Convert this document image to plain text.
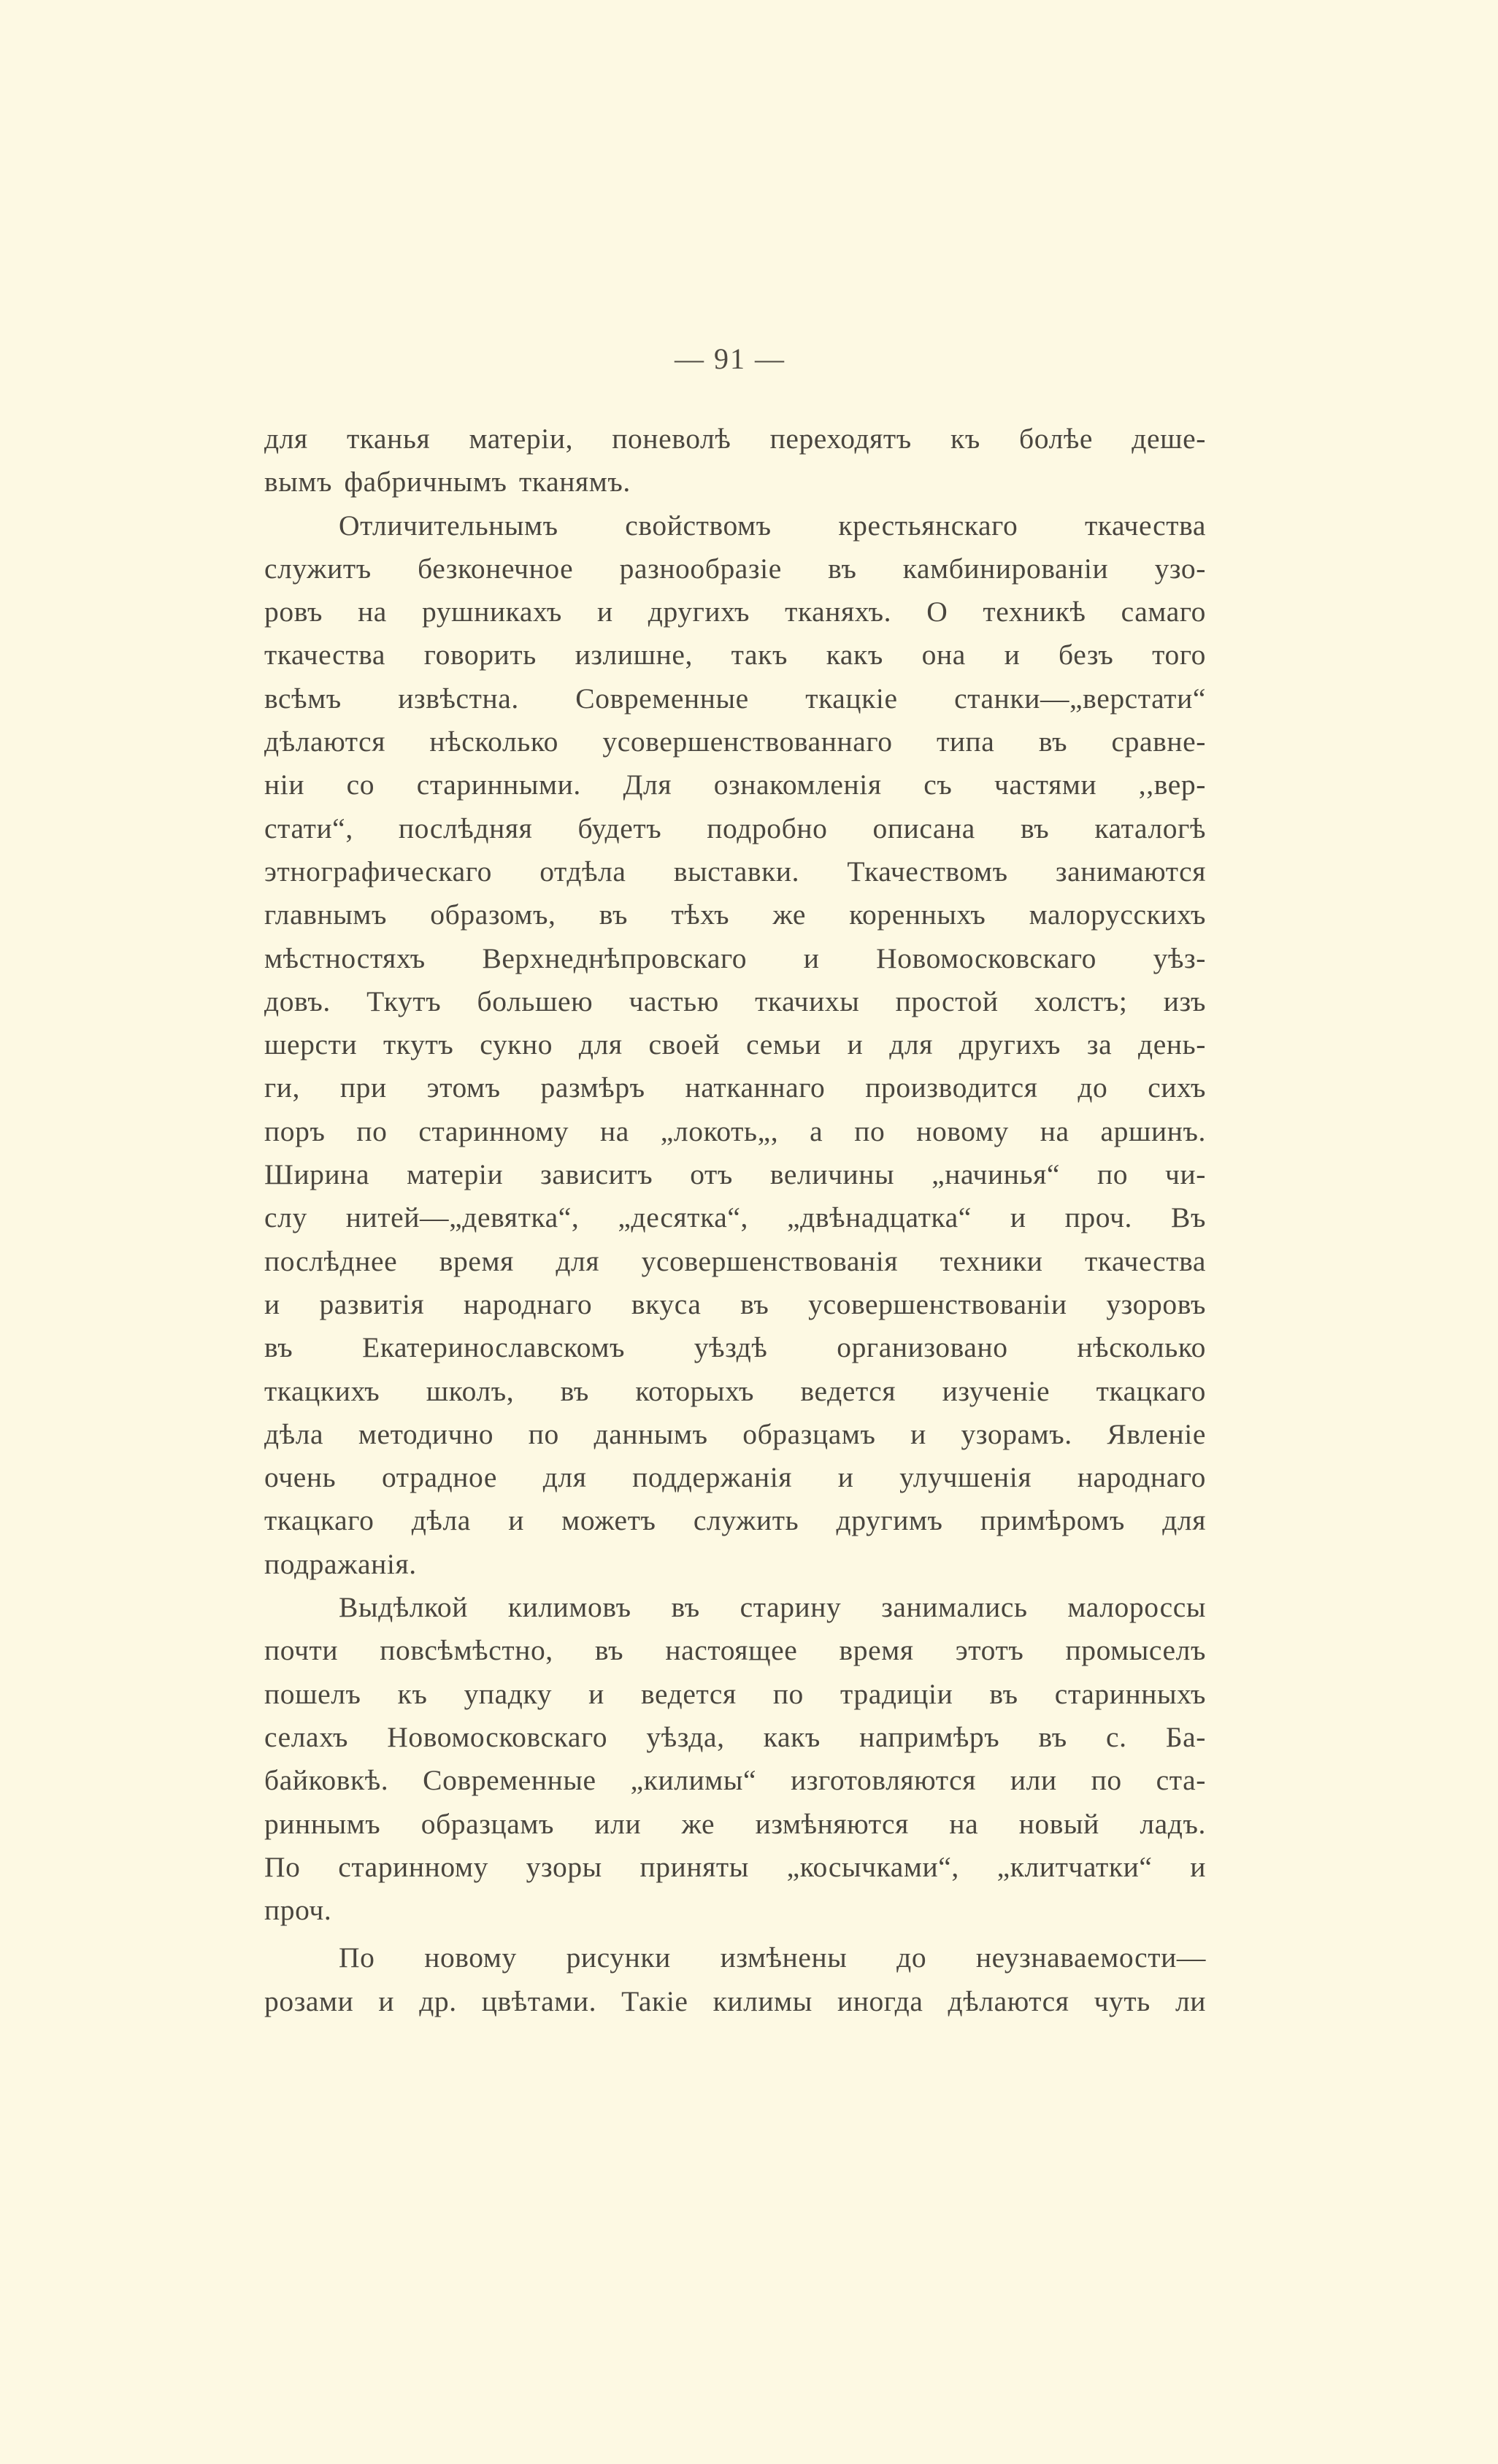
— 91 —
для тканья матеріи, поневолѣ переходятъ къ болѣе деше-
вымъ фабричнымъ тканямъ.
Отличительнымъ свойствомъ крестьянскаго ткачества
служитъ безконечное разнообразіе въ камбинированіи узо-
ровъ на рушникахъ и другихъ тканяхъ. О техникѣ самаго
ткачества говорить излишне, такъ какъ она и безъ того
всѣмъ извѣстна. Современные ткацкіе станки—„верстати“
дѣлаются нѣсколько усовершенствованнаго типа въ сравне-
ніи со старинными. Для ознакомленія съ частями ,,вер-
стати“, послѣдняя будетъ подробно описана въ каталогѣ
этнографическаго отдѣла выставки. Ткачествомъ занимаются
главнымъ образомъ, въ тѣхъ же коренныхъ малорусскихъ
мѣстностяхъ Верхнеднѣпровскаго и Новомосковскаго уѣз-
довъ. Ткутъ большею частью ткачихы простой холстъ; изъ
шерсти ткутъ сукно для своей семьи и для другихъ за день-
ги, при этомъ размѣръ натканнаго производится до сихъ
поръ по старинному на „локоть„, а по новому на аршинъ.
Ширина матеріи зависитъ отъ величины „начинья“ по чи-
слу нитей—„девятка“, „десятка“, „двѣнадцатка“ и проч. Въ
послѣднее время для усовершенствованія техники ткачества
и развитія народнаго вкуса въ усовершенствованіи узоровъ
въ Екатеринославскомъ уѣздѣ организовано нѣсколько
ткацкихъ школъ, въ которыхъ ведется изученіе ткацкаго
дѣла методично по даннымъ образцамъ и узорамъ. Явленіе
очень отрадное для поддержанія и улучшенія народнаго
ткацкаго дѣла и можетъ служить другимъ примѣромъ для
подражанія.
Выдѣлкой килимовъ въ старину занимались малороссы
почти повсѣмѣстно, въ настоящее время этотъ промыселъ
пошелъ къ упадку и ведется по традиціи въ старинныхъ
селахъ Новомосковскаго уѣзда, какъ напримѣръ въ с. Ба-
байковкѣ. Современные „килимы“ изготовляются или по ста-
риннымъ образцамъ или же измѣняются на новый ладъ.
По старинному узоры приняты „косычками“, „клитчатки“ и
проч.
По новому рисунки измѣнены до неузнаваемости—
розами и др. цвѣтами. Такіе килимы иногда дѣлаются чуть ли
